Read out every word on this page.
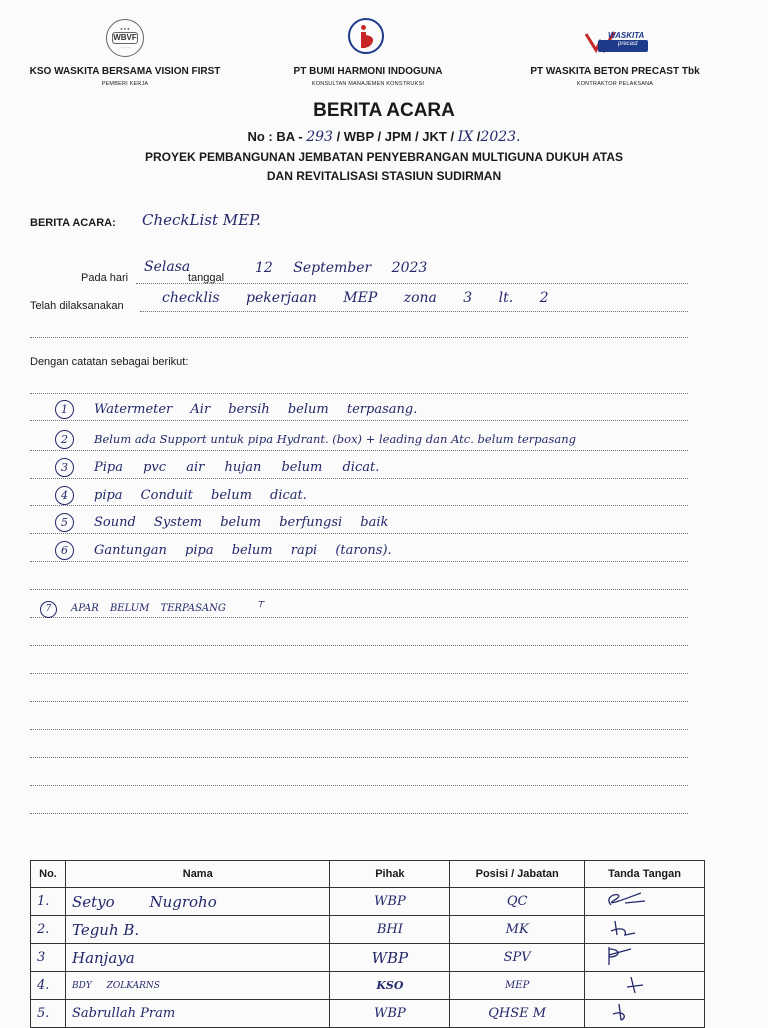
● ● ●
WBVF
— — —
WASKITA
precast
KSO WASKITA BERSAMA VISION FIRST
PEMBERI KERJA
PT BUMI HARMONI INDOGUNA
KONSULTAN MANAJEMEN KONSTRUKSI
PT WASKITA BETON PRECAST Tbk
KONTRAKTOR PELAKSANA
BERITA ACARA
No : BA - 293 / WBP / JPM / JKT / IX /2023.
PROYEK PEMBANGUNAN JEMBATAN PENYEBRANGAN MULTIGUNA DUKUH ATAS
DAN REVITALISASI STASIUN SUDIRMAN
BERITA ACARA: CheckList MEP.
Pada hari
Selasa
tanggal
12 September 2023
Telah dilaksanakan	checklis pekerjaan MEP zona 3 lt. 2
Dengan catatan sebagai berikut:
1 Watermeter Air bersih belum terpasang.
2 Belum ada Support untuk pipa Hydrant. (box) + leading dan Atc. belum terpasang
3 Pipa pvc air hujan belum dicat.
4 pipa Conduit belum dicat.
5 Sound System belum berfungsi baik
6 Gantungan pipa belum rapi (tarons).
7 APAR BELUM TERPASANG ⸆
No.	Nama	Pihak	Posisi / Jabatan	Tanda Tangan
1.	Setyo Nugroho	WBP	QC	
2.	Teguh B.	BHI	MK	
3	Hanjaya	WBP	SPV	
4.	BDY ZOLKARNS	KSO	MEP	
5.	Sabrullah Pram	WBP	QHSE M	
